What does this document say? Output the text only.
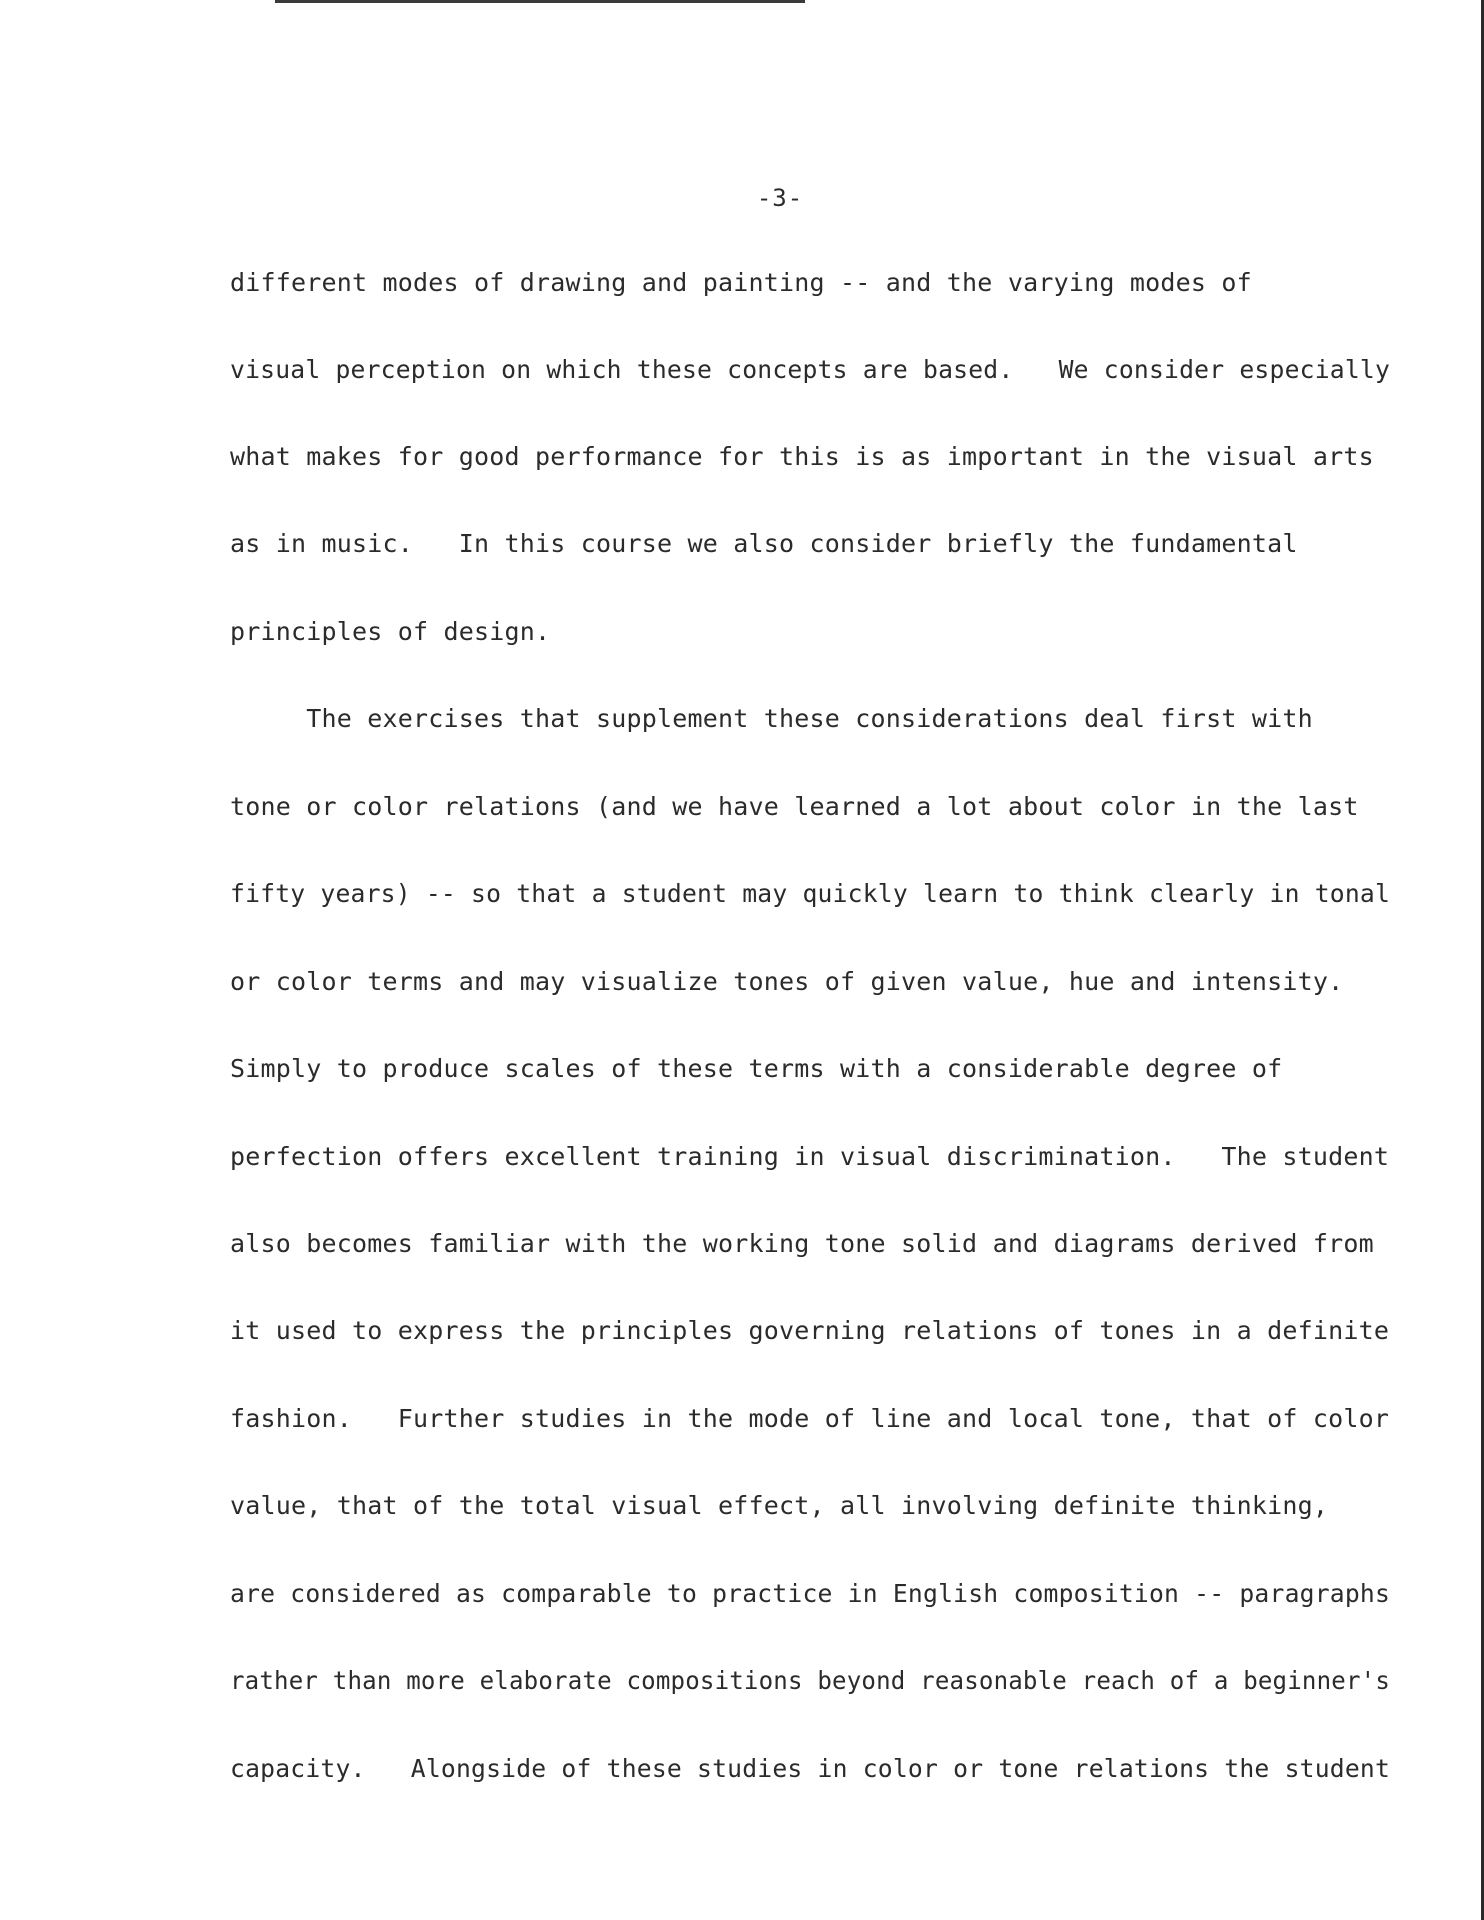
-3-
different modes of drawing and painting -- and the varying modes of
visual perception on which these concepts are based.   We consider especially
what makes for good performance for this is as important in the visual arts
as in music.   In this course we also consider briefly the fundamental
principles of design.
The exercises that supplement these considerations deal first with
tone or color relations (and we have learned a lot about color in the last
fifty years) -- so that a student may quickly learn to think clearly in tonal
or color terms and may visualize tones of given value, hue and intensity.
Simply to produce scales of these terms with a considerable degree of
perfection offers excellent training in visual discrimination.   The student
also becomes familiar with the working tone solid and diagrams derived from
it used to express the principles governing relations of tones in a definite
fashion.   Further studies in the mode of line and local tone, that of color
value, that of the total visual effect, all involving definite thinking,
are considered as comparable to practice in English composition -- paragraphs
rather than more elaborate compositions beyond reasonable reach of a beginner's
capacity.   Alongside of these studies in color or tone relations the student
